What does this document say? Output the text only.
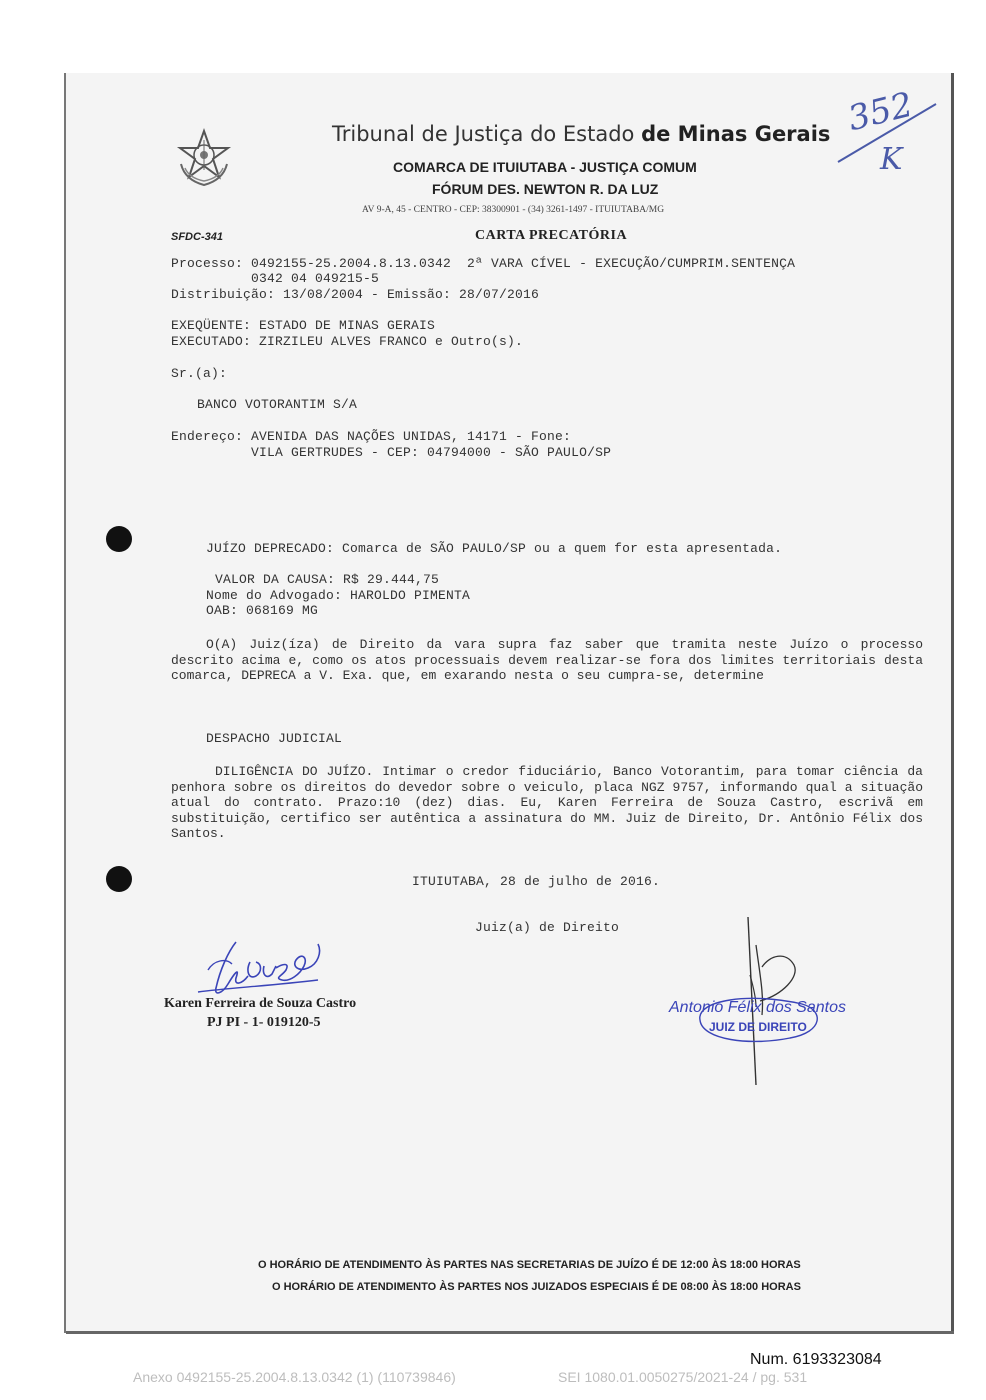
Tribunal de Justiça do Estado de Minas Gerais
COMARCA DE ITUIUTABA - JUSTIÇA COMUM
FÓRUM DES. NEWTON R. DA LUZ
AV 9-A, 45 - CENTRO - CEP: 38300901 - (34) 3261-1497 - ITUIUTABA/MG
SFDC-341	CARTA PRECATÓRIA
352
K
Processo: 0492155-25.2004.8.13.0342  2ª VARA CÍVEL - EXECUÇÃO/CUMPRIM.SENTENÇA
0342 04 049215-5
Distribuição: 13/08/2004 - Emissão: 28/07/2016
EXEQÜENTE: ESTADO DE MINAS GERAIS
EXECUTADO: ZIRZILEU ALVES FRANCO e Outro(s).
Sr.(a):
BANCO VOTORANTIM S/A
Endereço: AVENIDA DAS NAÇÕES UNIDAS, 14171 - Fone:
VILA GERTRUDES - CEP: 04794000 - SÃO PAULO/SP
JUÍZO DEPRECADO: Comarca de SÃO PAULO/SP ou a quem for esta apresentada.
VALOR DA CAUSA: R$ 29.444,75
Nome do Advogado: HAROLDO PIMENTA
OAB: 068169 MG
O(A) Juiz(íza) de Direito da vara supra faz saber que tramita neste Juízo o processo descrito acima e, como os atos processuais devem realizar-se fora dos limites territoriais desta comarca, DEPRECA a V. Exa. que, em exarando nesta o seu cumpra-se, determine
DESPACHO JUDICIAL
DILIGÊNCIA DO JUÍZO. Intimar o credor fiduciário, Banco Votorantim, para tomar ciência da penhora sobre os direitos do devedor sobre o veiculo, placa NGZ 9757, informando qual a situação atual do contrato. Prazo:10 (dez) dias. Eu, Karen Ferreira de Souza Castro, escrivã em substituição, certifico ser autêntica a assinatura do MM. Juiz de Direito, Dr. Antônio Félix dos Santos.
ITUIUTABA, 28 de julho de 2016.
Juiz(a) de Direito
Karen Ferreira de Souza Castro
PJ PI - 1- 019120-5
Antonio Félix dos Santos
JUIZ DE DIREITO
O HORÁRIO DE ATENDIMENTO ÀS PARTES NAS SECRETARIAS DE JUÍZO É DE 12:00 ÀS 18:00 HORAS
O HORÁRIO DE ATENDIMENTO ÀS PARTES NOS JUIZADOS ESPECIAIS É DE 08:00 ÀS 18:00 HORAS
Num. 6193323084
Anexo 0492155-25.2004.8.13.0342 (1) (110739846)	SEI 1080.01.0050275/2021-24 / pg. 531
